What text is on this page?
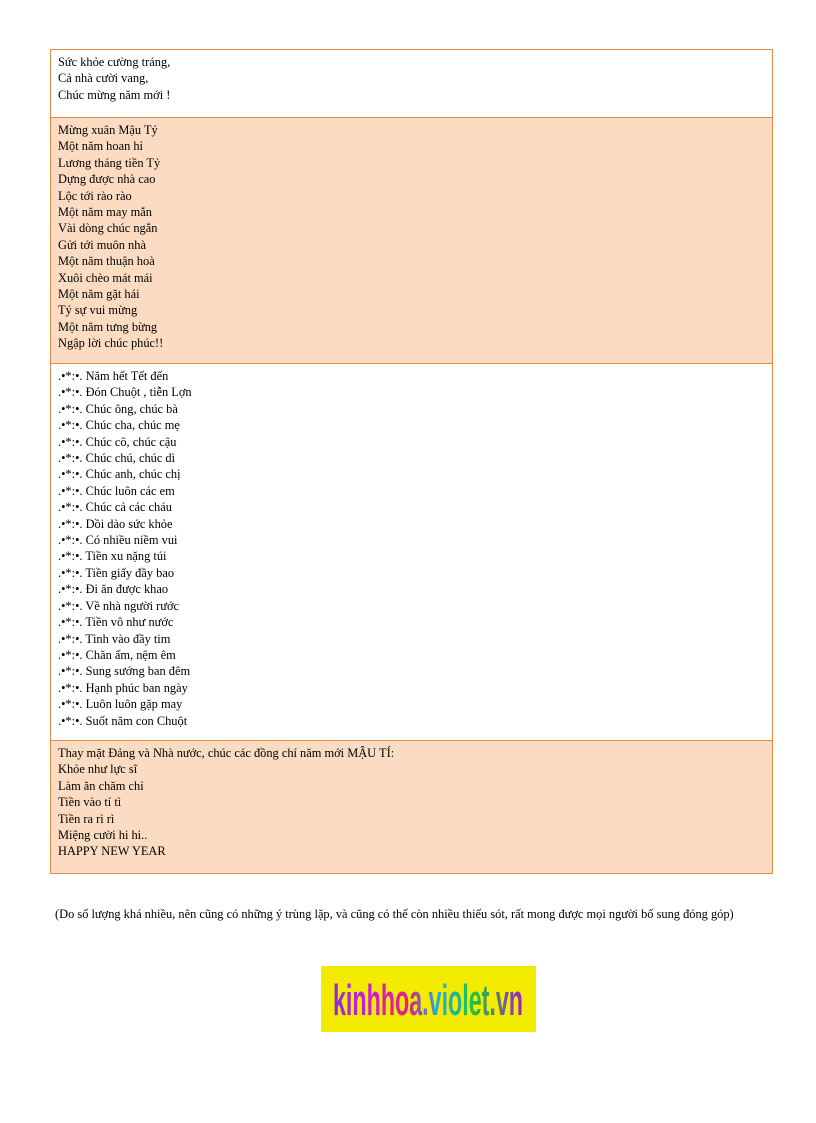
Sức khỏe cường tráng,
Cả nhà cười vang,
Chúc mừng năm mới !
Mừng xuân Mậu Tý
Một năm hoan hỉ
Lương tháng tiền Tỷ
Dựng được nhà cao
Lộc tới rào rào
Một năm may mắn
Vài dòng chúc ngắn
Gửi tới muôn nhà
Một năm thuận hoà
Xuôi chèo mát mái
Một năm gặt hái
Tý sự vui mừng
Một năm tưng bừng
Ngập lời chúc phúc!!
.•*:•. Năm hết Tết đến
.•*:•. Đón Chuột , tiễn Lợn
.•*:•. Chúc ông, chúc bà
.•*:•. Chúc cha, chúc mẹ
.•*:•. Chúc cô, chúc cậu
.•*:•. Chúc chú, chúc dì
.•*:•. Chúc anh, chúc chị
.•*:•. Chúc luôn các em
.•*:•. Chúc cả các cháu
.•*:•. Dồi dào sức khỏe
.•*:•. Có nhiều niềm vui
.•*:•. Tiền xu nặng túi
.•*:•. Tiền giấy đầy bao
.•*:•. Đi ăn được khao
.•*:•. Về nhà người rước
.•*:•. Tiền vô như nước
.•*:•. Tình vào đầy tim
.•*:•. Chăn ấm, nệm êm
.•*:•. Sung sướng ban đêm
.•*:•. Hạnh phúc ban ngày
.•*:•. Luôn luôn gặp may
.•*:•. Suốt năm con Chuột
Thay mặt Đảng và Nhà nước, chúc các đồng chí năm mới MẬU TÍ:
Khỏe như lực sĩ
Làm ăn chăm chỉ
Tiền vào tí tì
Tiền ra rì rì
Miệng cười hi hi..
HAPPY NEW YEAR
(Do số lượng khá nhiều, nên cũng có những ý trùng lặp, và cũng có thể còn nhiều thiếu sót, rất mong được mọi người bổ sung đóng góp)
kinhhoa.violet.vn
